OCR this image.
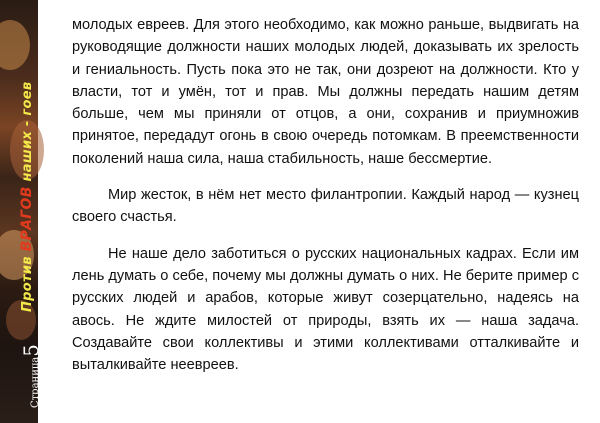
Против ВРАГОВ наших - гоев
Страница5

молодых евреев. Для этого необходимо, как можно раньше, выдвигать на руководящие должности наших молодых людей, доказывать их зрелость и гениальность. Пусть пока это не так, они дозреют на должности. Кто у власти, тот и умён, тот и прав. Мы должны передать нашим детям больше, чем мы приняли от отцов, а они, сохранив и приумножив принятое, передадут огонь в свою очередь потомкам. В преемственности поколений наша сила, наша стабильность, наше бессмертие.

Мир жесток, в нём нет место филантропии. Каждый народ — кузнец своего счастья.

Не наше дело заботиться о русских национальных кадрах. Если им лень думать о себе, почему мы должны думать о них. Не берите пример с русских людей и арабов, которые живут созерцательно, надеясь на авось. Не ждите милостей от природы, взять их — наша задача. Создавайте свои коллективы и этими коллективами отталкивайте и выталкивайте неевреев.
